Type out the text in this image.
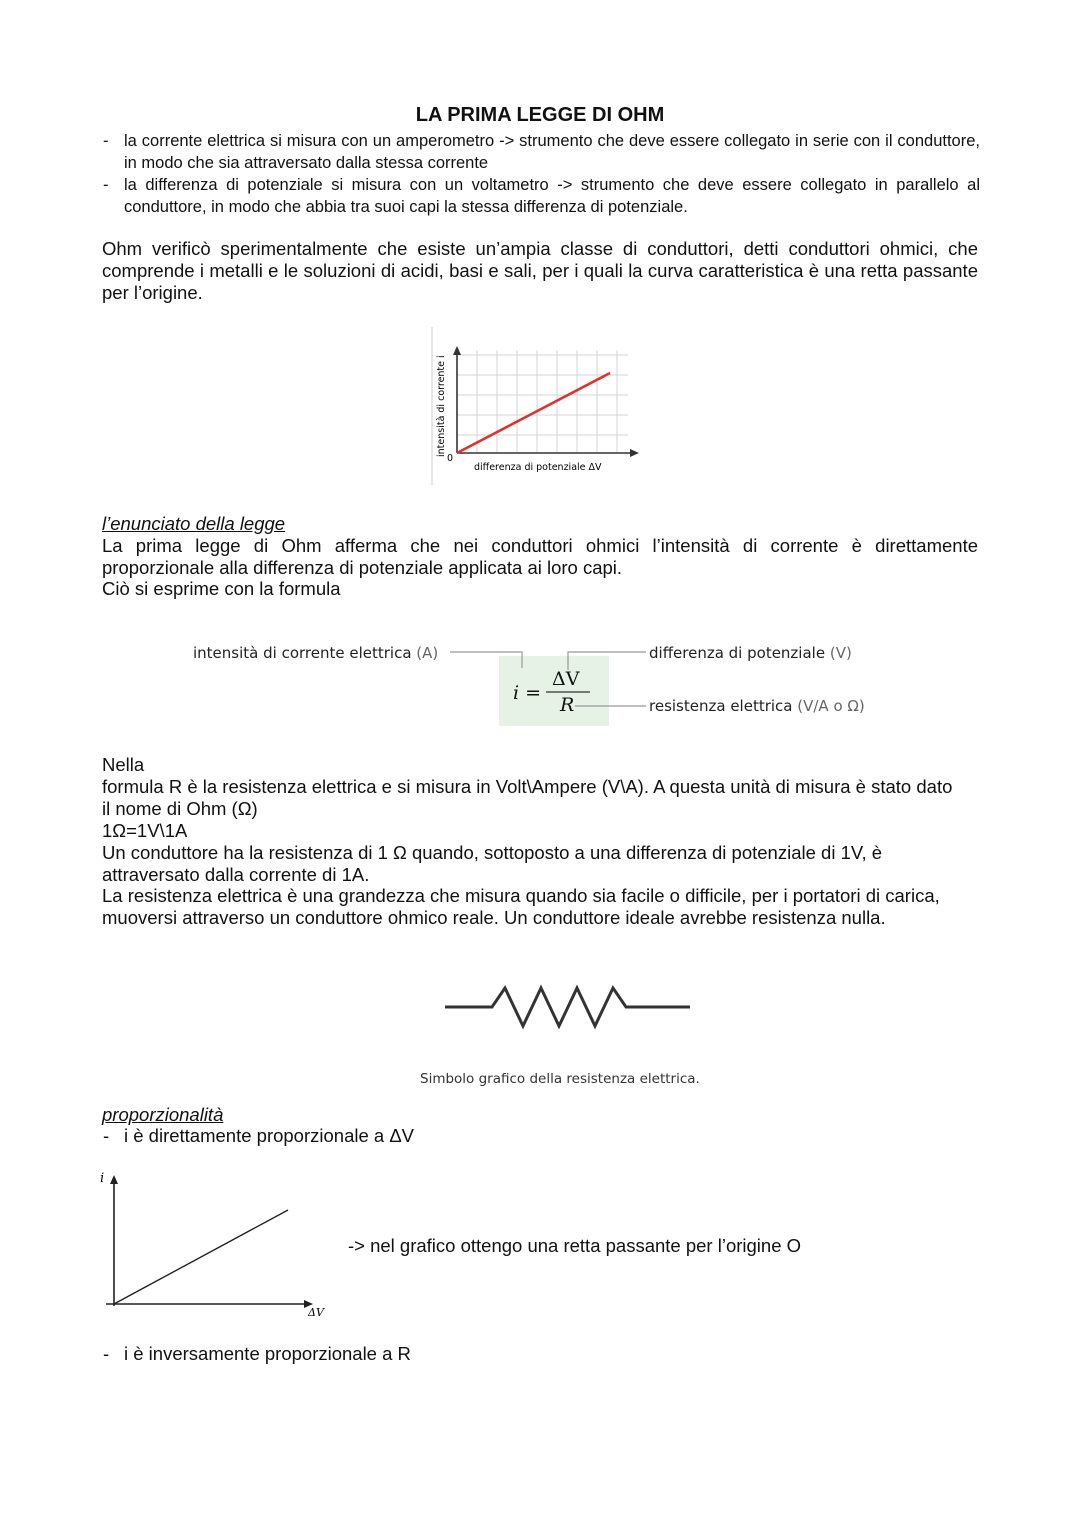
LA PRIMA LEGGE DI OHM
- la corrente elettrica si misura con un amperometro -> strumento che deve essere collegato in serie con il conduttore, in modo che sia attraversato dalla stessa corrente
- la differenza di potenziale si misura con un voltametro -> strumento che deve essere collegato in parallelo al conduttore, in modo che abbia tra suoi capi la stessa differenza di potenziale.
Ohm verificò sperimentalmente che esiste un’ampia classe di conduttori, detti conduttori ohmici, che comprende i metalli e le soluzioni di acidi, basi e sali, per i quali la curva caratteristica è una retta passante per l’origine.
0
differenza di potenziale ΔV
intensità di corrente i
l’enunciato della legge
La prima legge di Ohm afferma che nei conduttori ohmici l’intensità di corrente è direttamente proporzionale alla differenza di potenziale applicata ai loro capi.
Ciò si esprime con la formula
intensità di corrente elettrica (A)	differenza di potenziale (V)
resistenza elettrica (V/A o Ω)
i =
ΔV
R
Nella
formula R è la resistenza elettrica e si misura in Volt\Ampere (V\A). A questa unità di misura è stato dato il nome di Ohm (Ω)
1Ω=1V\1A
Un conduttore ha la resistenza di 1 Ω quando, sottoposto a una differenza di potenziale di 1V, è attraversato dalla corrente di 1A.
La resistenza elettrica è una grandezza che misura quando sia facile o difficile, per i portatori di carica, muoversi attraverso un conduttore ohmico reale. Un conduttore ideale avrebbe resistenza nulla.
Simbolo grafico della resistenza elettrica.
proporzionalità
- i è direttamente proporzionale a ΔV
i
ΔV
-> nel grafico ottengo una retta passante per l’origine O
- i è inversamente proporzionale a R
